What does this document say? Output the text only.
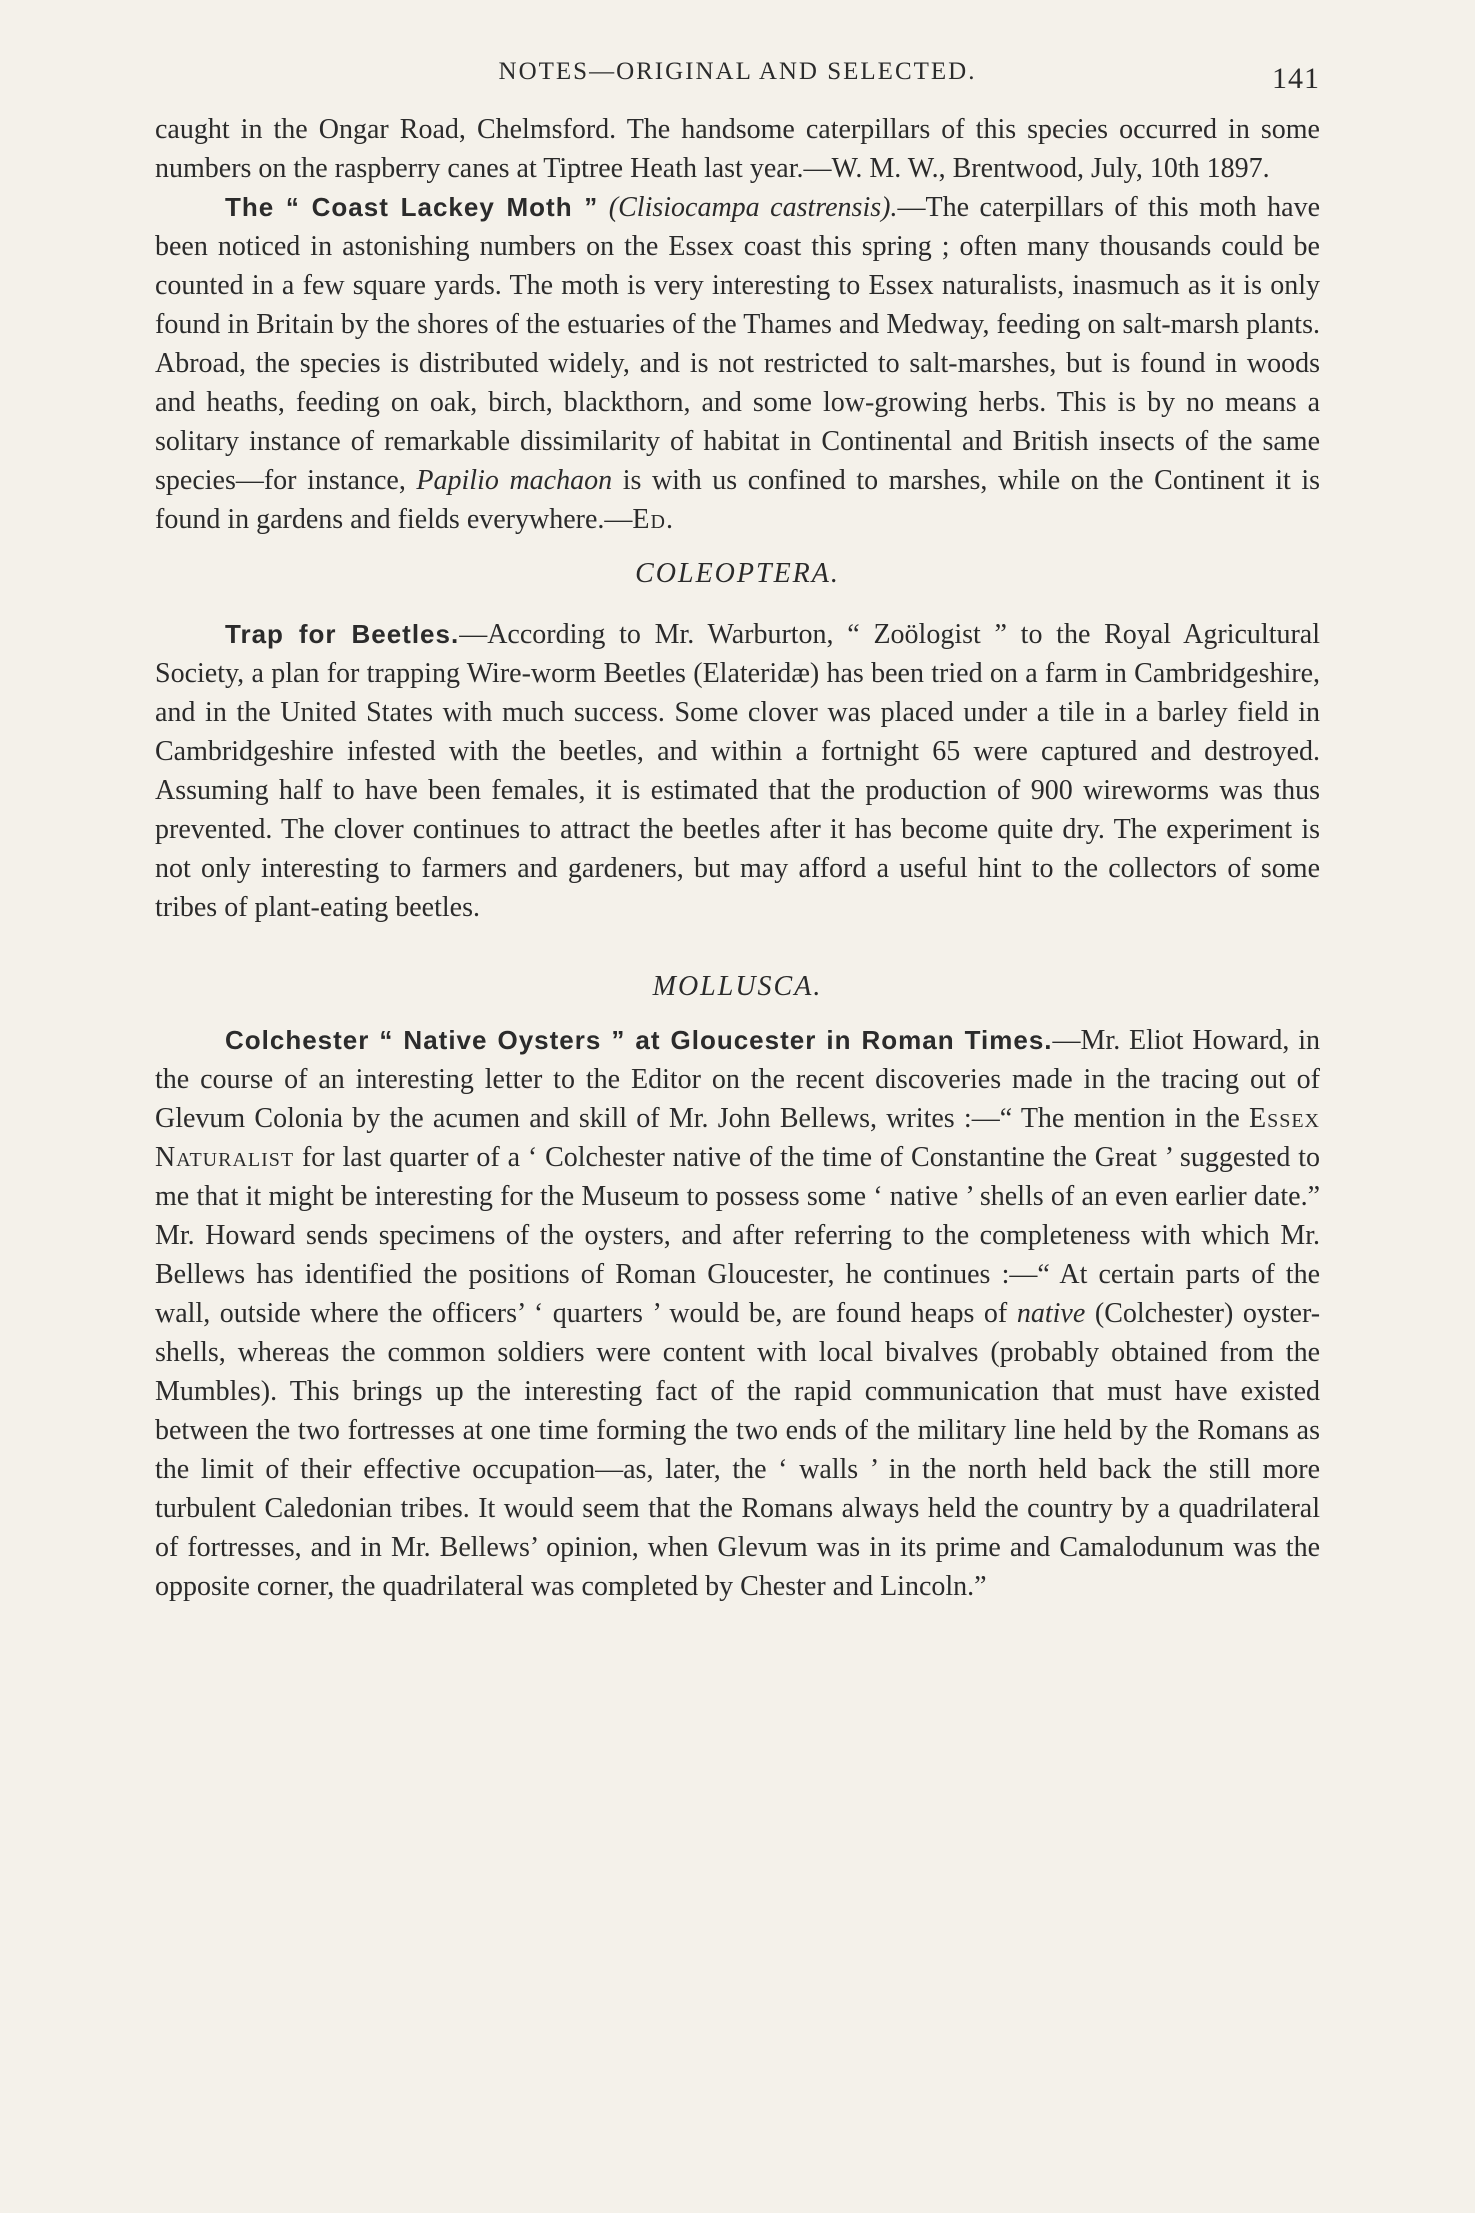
NOTES—ORIGINAL AND SELECTED.	141

caught in the Ongar Road, Chelmsford. The handsome caterpillars of this species occurred in some numbers on the raspberry canes at Tiptree Heath last year.—W. M. W., Brentwood, July, 10th 1897.

The “ Coast Lackey Moth ” (Clisiocampa castrensis).—The caterpillars of this moth have been noticed in astonishing numbers on the Essex coast this spring ; often many thousands could be counted in a few square yards. The moth is very interesting to Essex naturalists, inasmuch as it is only found in Britain by the shores of the estuaries of the Thames and Medway, feeding on salt-marsh plants. Abroad, the species is distributed widely, and is not restricted to salt-marshes, but is found in woods and heaths, feeding on oak, birch, blackthorn, and some low-growing herbs. This is by no means a solitary instance of remarkable dissimilarity of habitat in Continental and British insects of the same species—for instance, Papilio machaon is with us confined to marshes, while on the Continent it is found in gardens and fields everywhere.—Ed.

COLEOPTERA.

Trap for Beetles.—According to Mr. Warburton, “ Zoölogist ” to the Royal Agricultural Society, a plan for trapping Wire-worm Beetles (Elateridæ) has been tried on a farm in Cambridgeshire, and in the United States with much success. Some clover was placed under a tile in a barley field in Cambridgeshire infested with the beetles, and within a fortnight 65 were captured and destroyed. Assuming half to have been females, it is estimated that the production of 900 wireworms was thus prevented. The clover continues to attract the beetles after it has become quite dry. The experiment is not only interesting to farmers and gardeners, but may afford a useful hint to the collectors of some tribes of plant-eating beetles.

MOLLUSCA.

Colchester “ Native Oysters ” at Gloucester in Roman Times.—Mr. Eliot Howard, in the course of an interesting letter to the Editor on the recent discoveries made in the tracing out of Glevum Colonia by the acumen and skill of Mr. John Bellews, writes :—“ The mention in the Essex Naturalist for last quarter of a ‘ Colchester native of the time of Constantine the Great ’ suggested to me that it might be interesting for the Museum to possess some ‘ native ’ shells of an even earlier date.” Mr. Howard sends specimens of the oysters, and after referring to the completeness with which Mr. Bellews has identified the positions of Roman Gloucester, he continues :—“ At certain parts of the wall, outside where the officers’ ‘ quarters ’ would be, are found heaps of native (Colchester) oyster-shells, whereas the common soldiers were content with local bivalves (probably obtained from the Mumbles). This brings up the interesting fact of the rapid communication that must have existed between the two fortresses at one time forming the two ends of the military line held by the Romans as the limit of their effective occupation—as, later, the ‘ walls ’ in the north held back the still more turbulent Caledonian tribes. It would seem that the Romans always held the country by a quadrilateral of fortresses, and in Mr. Bellews’ opinion, when Glevum was in its prime and Camalodunum was the opposite corner, the quadrilateral was completed by Chester and Lincoln.”
